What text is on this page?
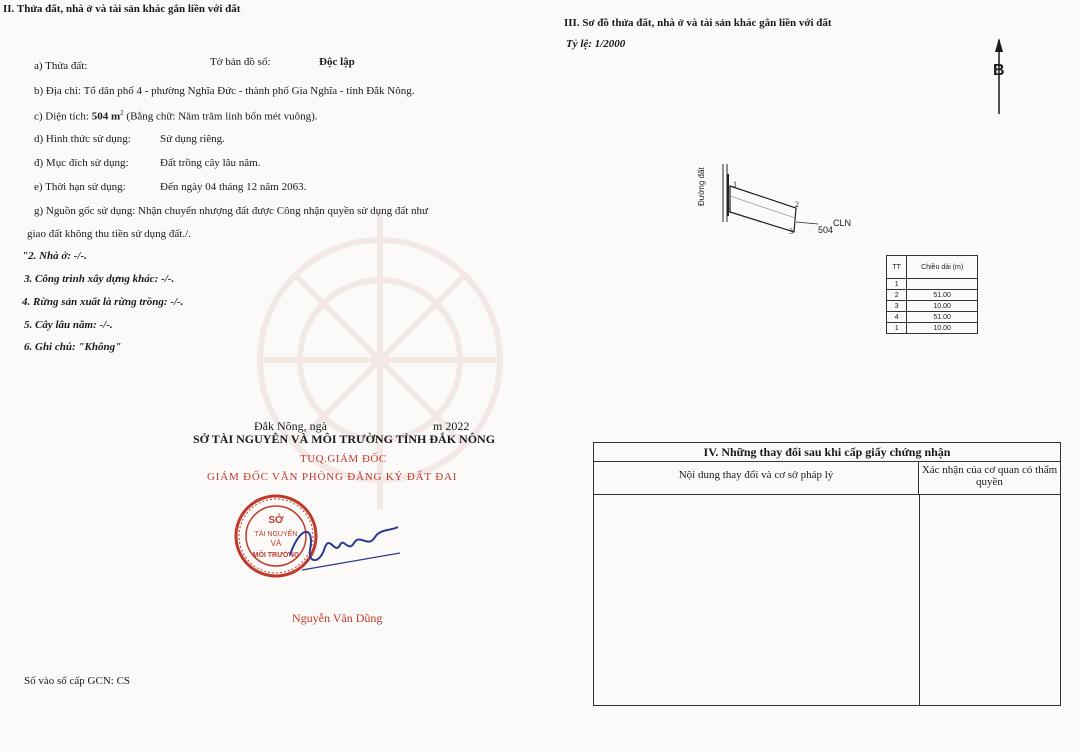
II. Thửa đất, nhà ở và tài sản khác gắn liền với đất
a) Thửa đất:	Tờ bản đồ số:	Độc lập
b) Địa chỉ: Tổ dân phố 4 - phường Nghĩa Đức - thành phố Gia Nghĩa - tỉnh Đắk Nông.
c) Diện tích: 504 $m^2$ (Bằng chữ: Năm trăm linh bốn mét vuông).
d) Hình thức sử dụng:	Sử dụng riêng.
đ) Mục đích sử dụng:	Đất trồng cây lâu năm.
e) Thời hạn sử dụng:	Đến ngày 04 tháng 12 năm 2063.
g) Nguồn gốc sử dụng: Nhận chuyển nhượng đất được Công nhận quyền sử dụng đất như
giao đất không thu tiền sử dụng đất./.
"2. Nhà ở: -/-.
3. Công trình xây dựng khác: -/-.
4. Rừng sản xuất là rừng trồng: -/-.
5. Cây lâu năm: -/-.
6. Ghi chú: "Không"
Đắk Nông, ngà	m 2022
SỞ TÀI NGUYÊN VÀ MÔI TRƯỜNG TỈNH ĐẮK NÔNG
TUQ.GIÁM ĐỐC
GIÁM ĐỐC VĂN PHÒNG ĐĂNG KÝ ĐẤT ĐAI
SỞ
TÀI NGUYÊN
VÀ
MÔI TRƯỜNG
Nguyễn Văn Dũng
Số vào số cấp GCN: CS
III. Sơ đồ thửa đất, nhà ở và tài sản khác gắn liền với đất
Tỷ lệ: 1/2000
B
Đường đất	1
2
3
4
504
CLN
TT	Chiều dài (m)
1	
2	51.00
3	10.00
4	51.00
1	10.00
IV. Những thay đổi sau khi cấp giấy chứng nhận
Nội dung thay đổi và cơ sở pháp lý	Xác nhận của cơ quan có thẩm quyền
